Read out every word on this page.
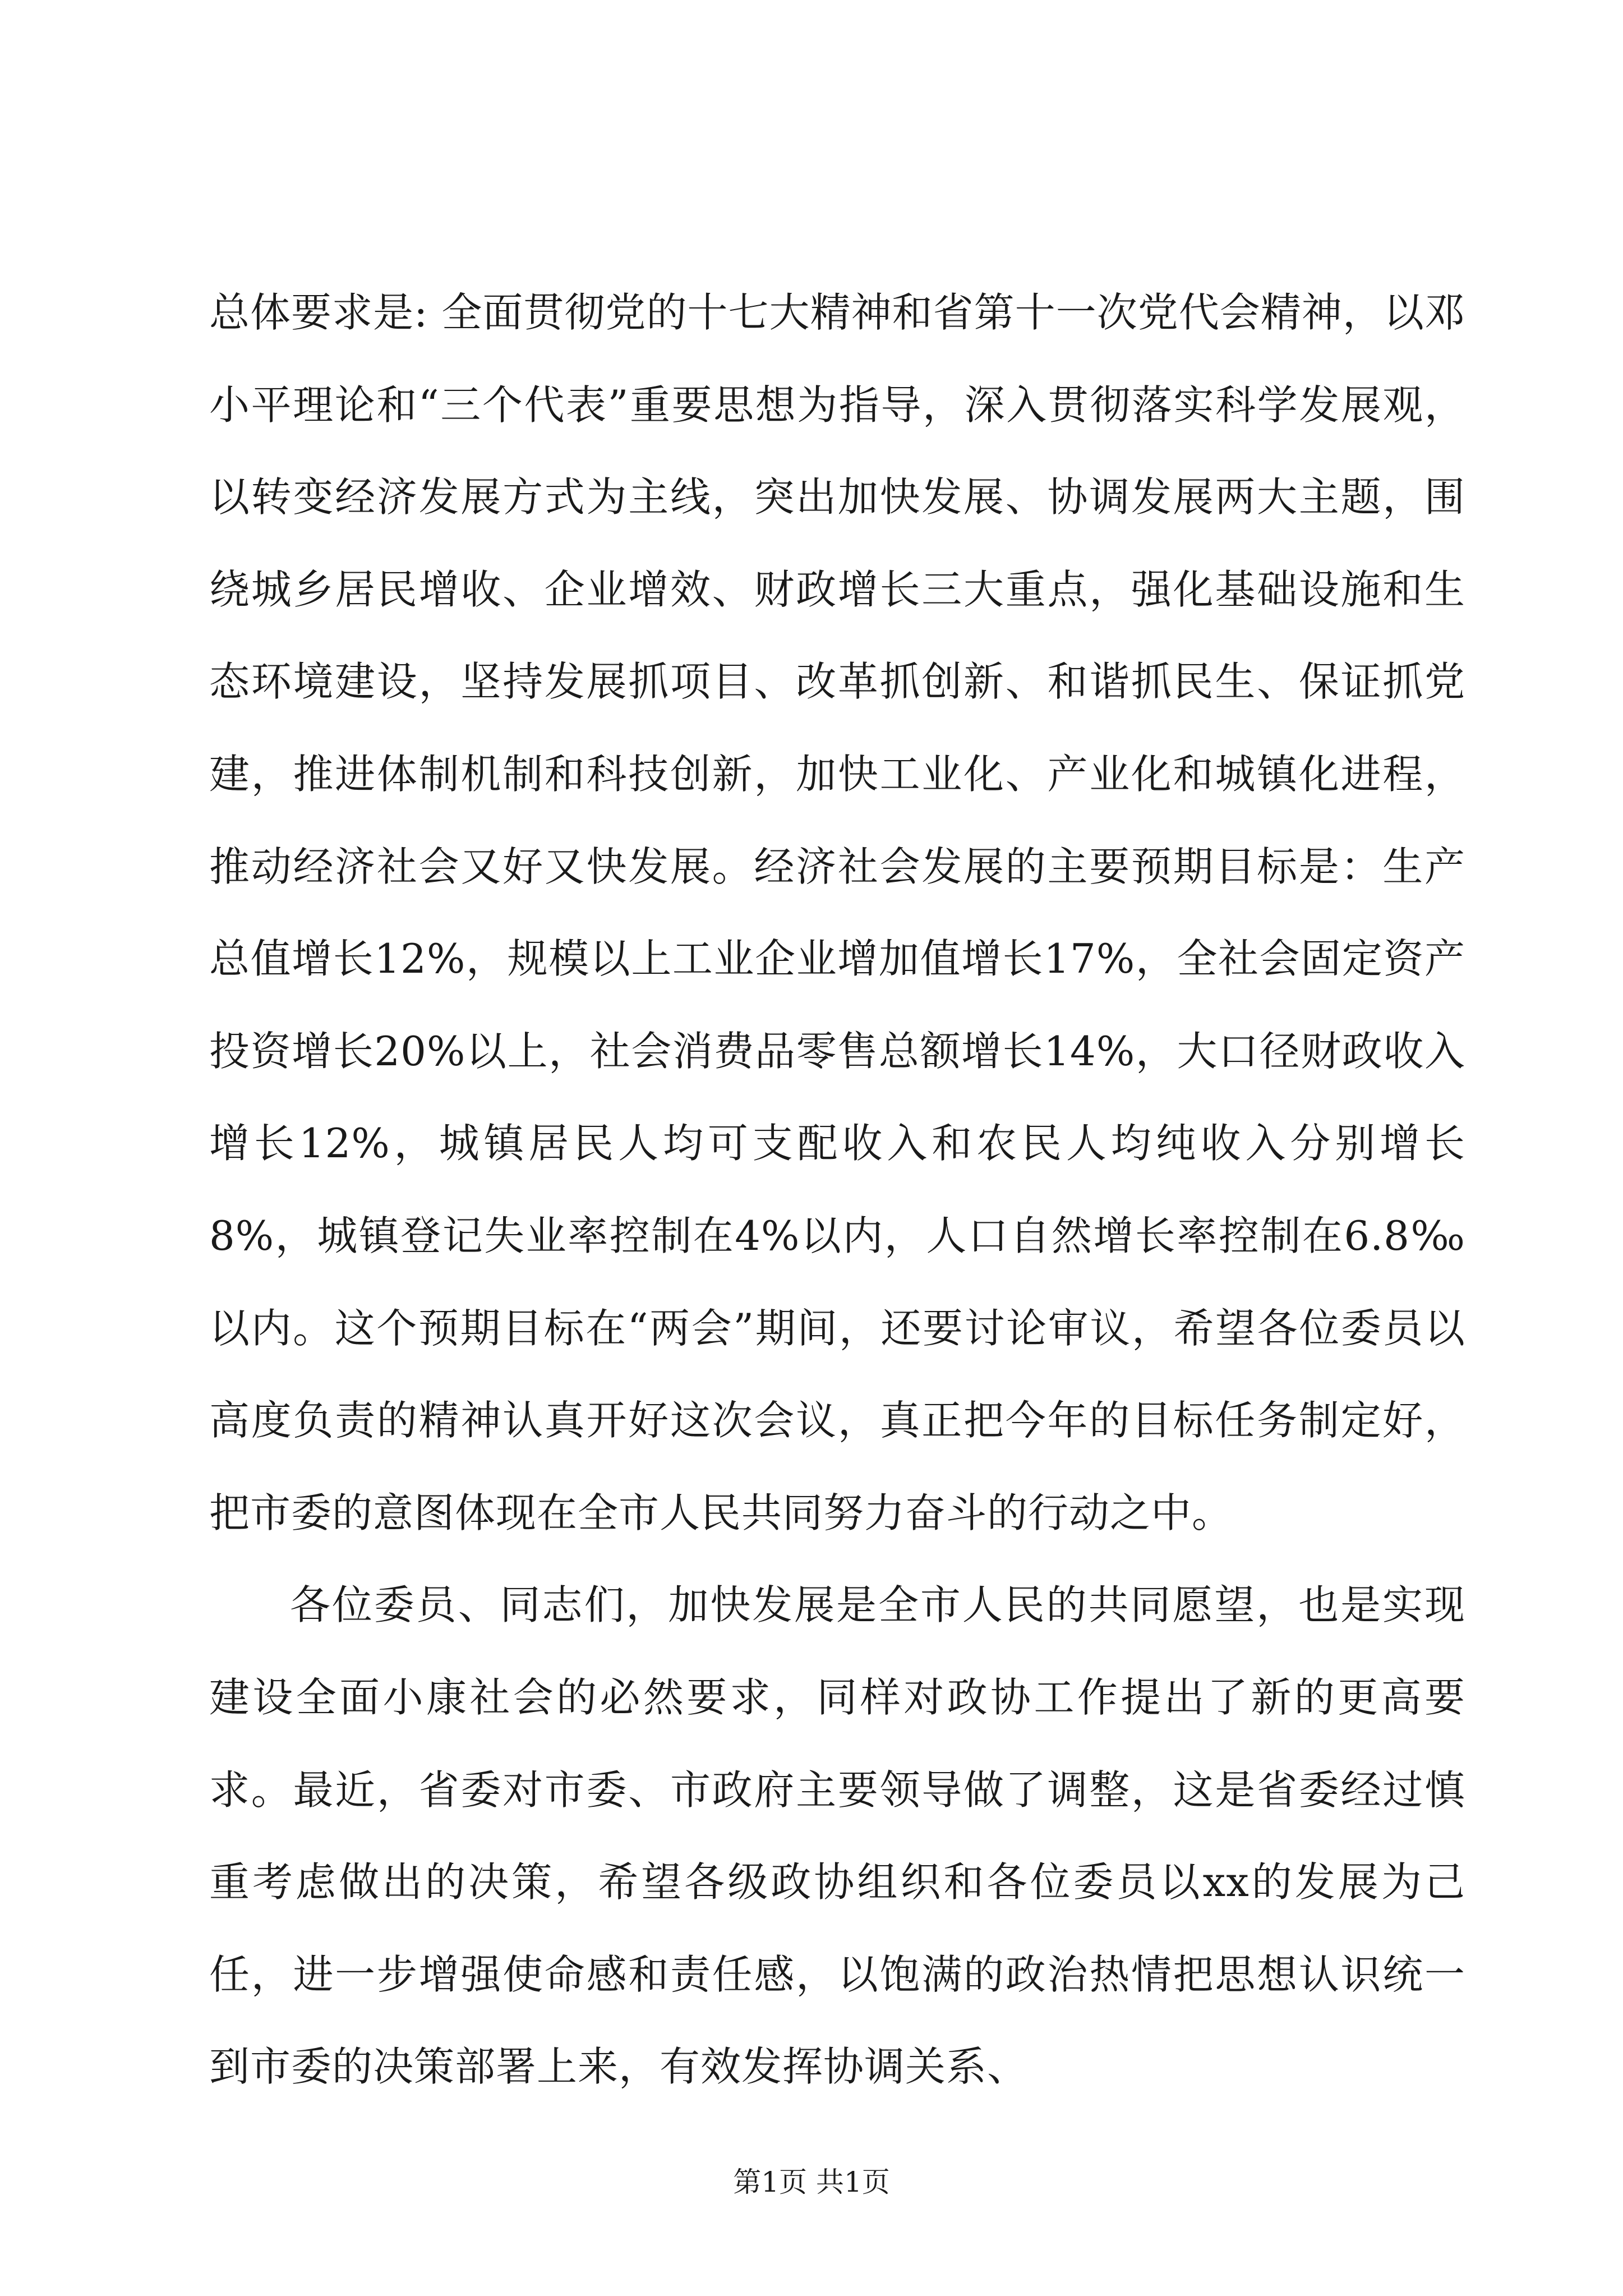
总体要求是: 全面贯彻党的十七大精神和省第十一次党代会精神，以邓小平理论和“三个代表”重要思想为指导，深入贯彻落实科学发展观，以转变经济发展方式为主线，突出加快发展、协调发展两大主题，围绕城乡居民增收、企业增效、财政增长三大重点，强化基础设施和生态环境建设，坚持发展抓项目、改革抓创新、和谐抓民生、保证抓党建，推进体制机制和科技创新，加快工业化、产业化和城镇化进程，推动经济社会又好又快发展。经济社会发展的主要预期目标是：生产总值增长12%，规模以上工业企业增加值增长17%，全社会固定资产投资增长20%以上，社会消费品零售总额增长14%，大口径财政收入增长12%，城镇居民人均可支配收入和农民人均纯收入分别增长8%，城镇登记失业率控制在4%以内，人口自然增长率控制在6.8‰以内。这个预期目标在“两会”期间，还要讨论审议，希望各位委员以高度负责的精神认真开好这次会议，真正把今年的目标任务制定好，把市委的意图体现在全市人民共同努力奋斗的行动之中。

各位委员、同志们，加快发展是全市人民的共同愿望，也是实现建设全面小康社会的必然要求，同样对政协工作提出了新的更高要求。最近，省委对市委、市政府主要领导做了调整，这是省委经过慎重考虑做出的决策，希望各级政协组织和各位委员以xx的发展为己任，进一步增强使命感和责任感，以饱满的政治热情把思想认识统一到市委的决策部署上来，有效发挥协调关系、

第1页 共1页
